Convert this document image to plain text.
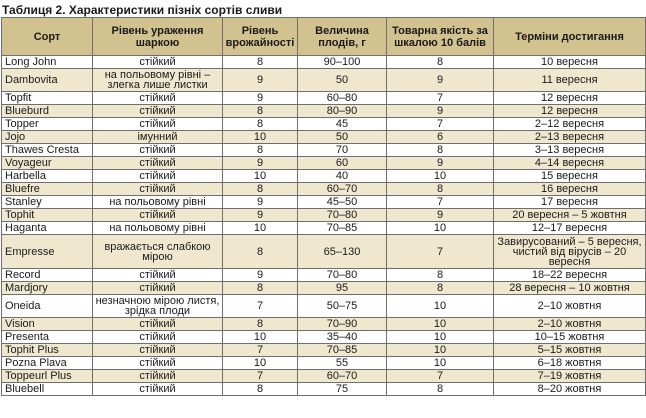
Таблиця 2. Характеристики пізніх сортів сливи
Сорт	Рівень ураження шаркою	Рівень врожайності	Величина плодів, г	Товарна якість за шкалою 10 балів	Терміни достигання
Long John	стійкий	8	90–100	8	10 вересня
Dambovita	на польовому рівні – злегка лише листки	9	50	9	11 вересня
Topfit	стійкий	9	60–80	7	12 вересня
Blueburd	стійкий	8	80–90	9	12 вересня
Topper	стійкий	8	45	7	2–12 вересня
Jojo	імунний	10	50	6	2–13 вересня
Thawes Cresta	стійкий	8	70	8	3–13 вересня
Voyageur	стійкий	9	60	9	4–14 вересня
Harbella	стійкий	10	40	10	15 вересня
Bluefre	стійкий	8	60–70	8	16 вересня
Stanley	на польовому рівні	9	45–50	7	17 вересня
Tophit	стійкий	9	70–80	9	20 вересня – 5 жовтня
Haganta	на польовому рівні	10	70–85	10	12–17 вересня
Empresse	вражається слабкою мірою	8	65–130	7	Завирусований – 5 вересня, чистий від вірусів – 20 вересня
Record	стійкий	9	70–80	8	18–22 вересня
Mardjory	стійкий	8	95	8	28 вересня – 10 жовтня
Oneida	незначною мірою листя, зрідка плоди	7	50–75	10	2–10 жовтня
Vision	стійкий	8	70–90	10	2–10 жовтня
Presenta	стійкий	10	35–40	10	10–15 жовтня
Tophit Plus	стійкий	7	70–85	10	5–15 жовтня
Pozna Plava	стійкий	10	55	10	6–18 жовтня
Toppeurl Plus	стійкий	7	60–70	7	7–19 жовтня
Bluebell	стійкий	8	75	8	8–20 жовтня
